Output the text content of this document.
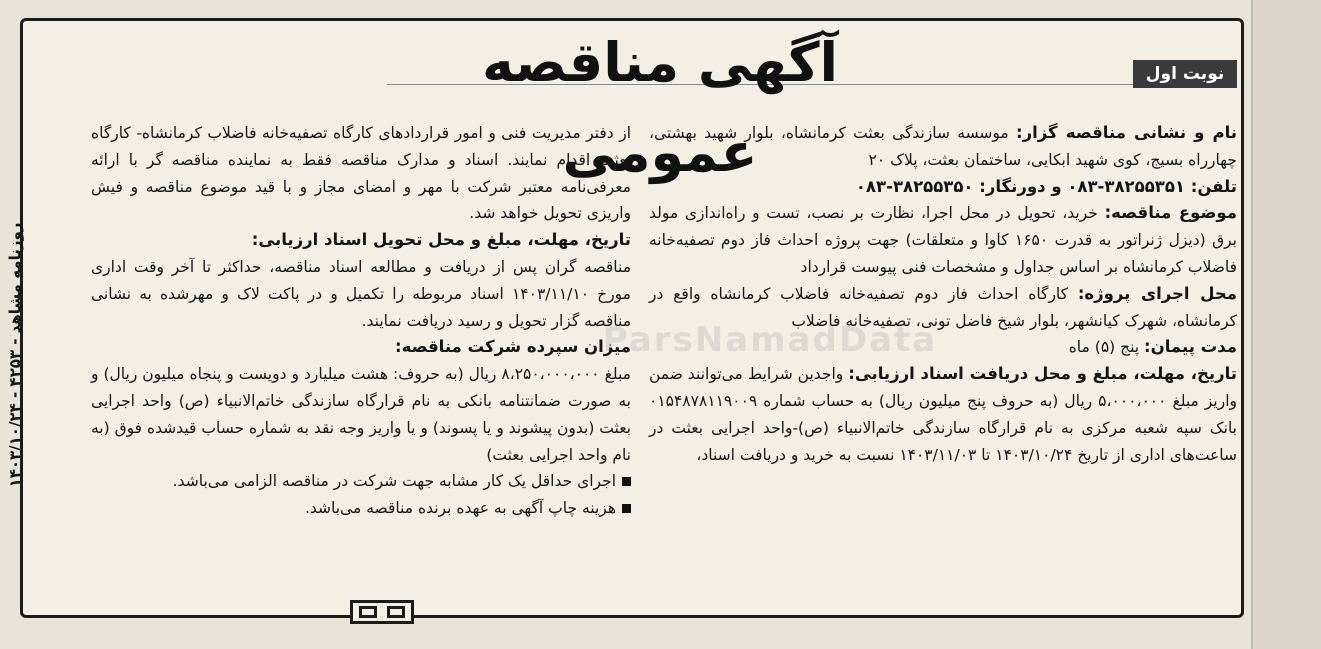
آگهی مناقصه عمومی
نوبت اول
ParsNamadData

نام و نشانی مناقصه گزار: موسسه سازندگی بعثت کرمانشاه، بلوار شهید بهشتی، چهارراه بسیج، کوی شهید ابکایی، ساختمان بعثت، پلاک ۲۰

تلفن: ۳۸۲۵۵۳۵۱-۰۸۳ و دورنگار: ۳۸۲۵۵۳۵۰-۰۸۳

موضوع مناقصه: خرید، تحویل در محل اجرا، نظارت بر نصب، تست و راه‌اندازی مولد برق (دیزل ژنراتور به قدرت ۱۶۵۰ کاوا و متعلقات) جهت پروژه احداث فاز دوم تصفیه‌خانه فاضلاب کرمانشاه بر اساس جداول و مشخصات فنی پیوست قرارداد

محل اجرای پروژه: کارگاه احداث فاز دوم تصفیه‌خانه فاضلاب کرمانشاه واقع در کرمانشاه، شهرک کیانشهر، بلوار شیخ فاضل تونی، تصفیه‌خانه فاضلاب

مدت پیمان: پنج (۵) ماه

تاریخ، مهلت، مبلغ و محل دریافت اسناد ارزیابی: واجدین شرایط می‌توانند ضمن واریز مبلغ ۵،۰۰۰،۰۰۰ ریال (به حروف پنج میلیون ریال) به حساب شماره ۰۱۵۴۸۷۸۱۱۹۰۰۹ بانک سپه شعبه مرکزی به نام قرارگاه سازندگی خاتم‌الانبیاء (ص)-واحد اجرایی بعثت در ساعت‌های اداری از تاریخ ۱۴۰۳/۱۰/۲۴ تا ۱۴۰۳/۱۱/۰۳ نسبت به خرید و دریافت اسناد،

از دفتر مدیریت فنی و امور قراردادهای کارگاه تصفیه‌خانه فاضلاب کرمانشاه- کارگاه بعثت اقدام نمایند. اسناد و مدارک مناقصه فقط به نماینده مناقصه گر با ارائه معرفی‌نامه معتبر شرکت با مهر و امضای مجاز و با قید موضوع مناقصه و فیش واریزی تحویل خواهد شد.

تاریخ، مهلت، مبلغ و محل تحویل اسناد ارزیابی:

مناقصه گران پس از دریافت و مطالعه اسناد مناقصه، حداکثر تا آخر وقت اداری مورخ ۱۴۰۳/۱۱/۱۰ اسناد مربوطه را تکمیل و در پاکت لاک و مهرشده به نشانی مناقصه گزار تحویل و رسید دریافت نمایند.

میزان سپرده شرکت مناقصه:

مبلغ ۸،۲۵۰،۰۰۰،۰۰۰ ریال (به حروف: هشت میلیارد و دویست و پنجاه میلیون ریال) و به صورت ضمانتنامه بانکی به نام قرارگاه سازندگی خاتم‌الانبیاء (ص) واحد اجرایی بعثت (بدون پیشوند و یا پسوند) و یا واریز وجه نقد به شماره حساب قیدشده فوق (به نام واحد اجرایی بعثت)

اجرای حداقل یک کار مشابه جهت شرکت در مناقصه الزامی می‌باشد.

هزینه چاپ آگهی به عهده برنده مناقصه می‌باشد.

روزنامه مشاهد - ۴۲۵۳ - ۱۴۰۳/۱۰/۲۴
